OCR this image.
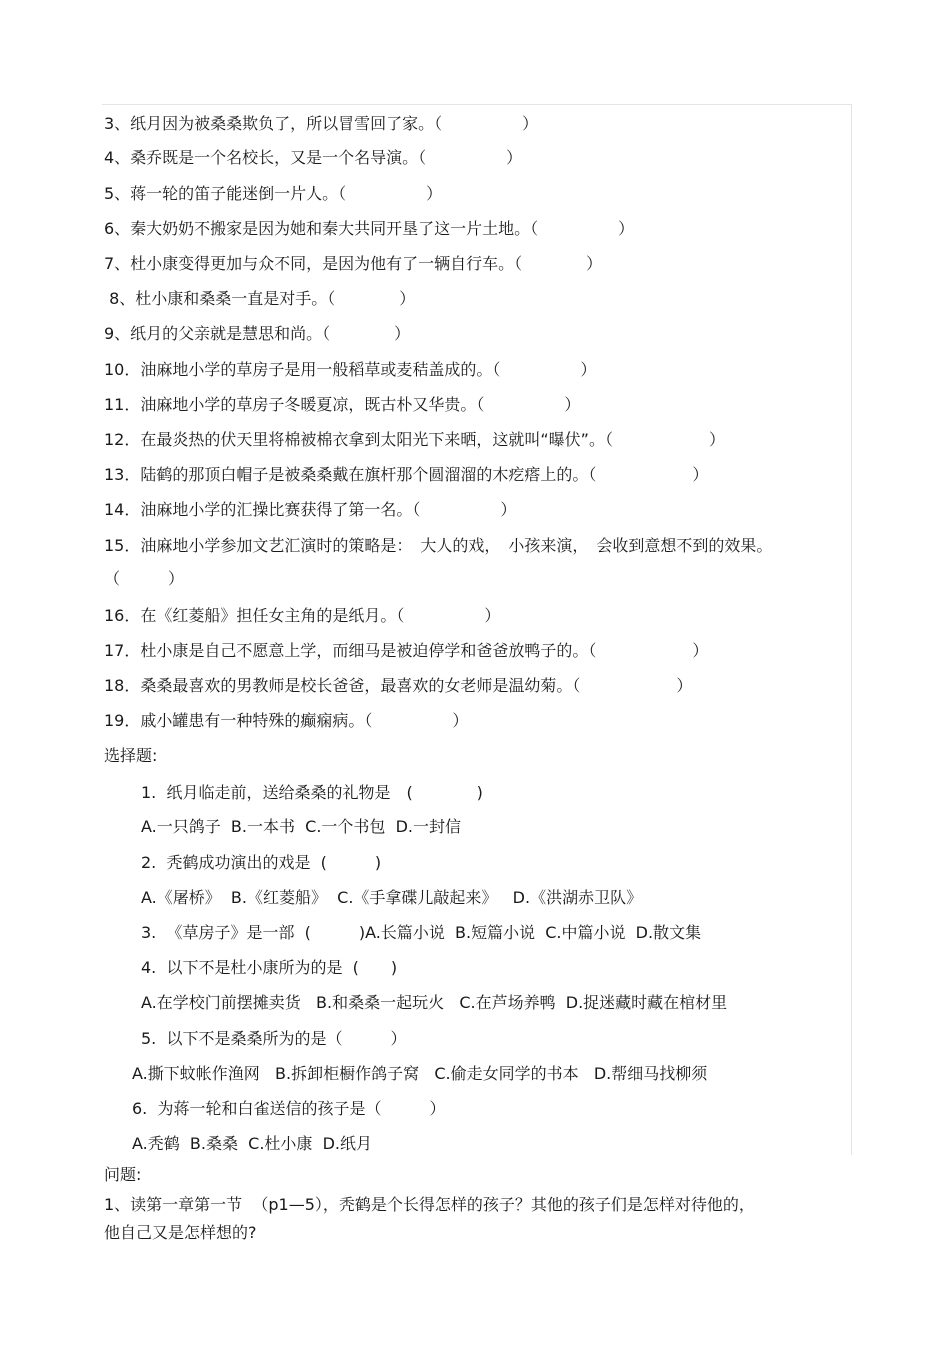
3、纸月因为被桑桑欺负了，所以冒雪回了家。（　　　　　）
4、桑乔既是一个名校长，又是一个名导演。（　　　　　）
5、蒋一轮的笛子能迷倒一片人。（　　　　　）
6、秦大奶奶不搬家是因为她和秦大共同开垦了这一片土地。（　　　　　）
7、杜小康变得更加与众不同，是因为他有了一辆自行车。（　　　　）
8、杜小康和桑桑一直是对手。（　　　　）
9、纸月的父亲就是慧思和尚。（　　　　）
10．油麻地小学的草房子是用一般稻草或麦秸盖成的。（　　　　　）
11．油麻地小学的草房子冬暖夏凉，既古朴又华贵。（　　　　　）
12．在最炎热的伏天里将棉被棉衣拿到太阳光下来晒，这就叫“曝伏”。（　　　　　　）
13．陆鹤的那顶白帽子是被桑桑戴在旗杆那个圆溜溜的木疙瘩上的。（　　　　　　）
14．油麻地小学的汇操比赛获得了第一名。（　　　　　）
15．油麻地小学参加文艺汇演时的策略是：　大人的戏，　小孩来演，　会收到意想不到的效果。
（　　　）
16．在《红菱船》担任女主角的是纸月。（　　　　　）
17．杜小康是自己不愿意上学，而细马是被迫停学和爸爸放鸭子的。（　　　　　　）
18．桑桑最喜欢的男教师是校长爸爸，最喜欢的女老师是温幼菊。（　　　　　　）
19．戚小罐患有一种特殊的癫痫病。（　　　　　）
选择题:
1.  纸月临走前，送给桑桑的礼物是　(　　　　)
A.一只鸽子  B.一本书  C.一个书包  D.一封信
2.  秃鹤成功演出的戏是  (　　　)
A.《屠桥》  B.《红菱船》  C.《手拿碟儿敲起来》   D.《洪湖赤卫队》
3.  《草房子》是一部  (　　　)A.长篇小说  B.短篇小说  C.中篇小说  D.散文集
4.  以下不是杜小康所为的是  (　　)
A.在学校门前摆摊卖货   B.和桑桑一起玩火   C.在芦场养鸭  D.捉迷藏时藏在棺材里
5.  以下不是桑桑所为的是（　　　）
A.撕下蚊帐作渔网   B.拆卸柜橱作鸽子窝   C.偷走女同学的书本   D.帮细马找柳须
6.  为蒋一轮和白雀送信的孩子是（　　　）
A.秃鹤  B.桑桑  C.杜小康  D.纸月
问题:
1、读第一章第一节  （p1—5），秃鹤是个长得怎样的孩子？其他的孩子们是怎样对待他的，
他自己又是怎样想的?
